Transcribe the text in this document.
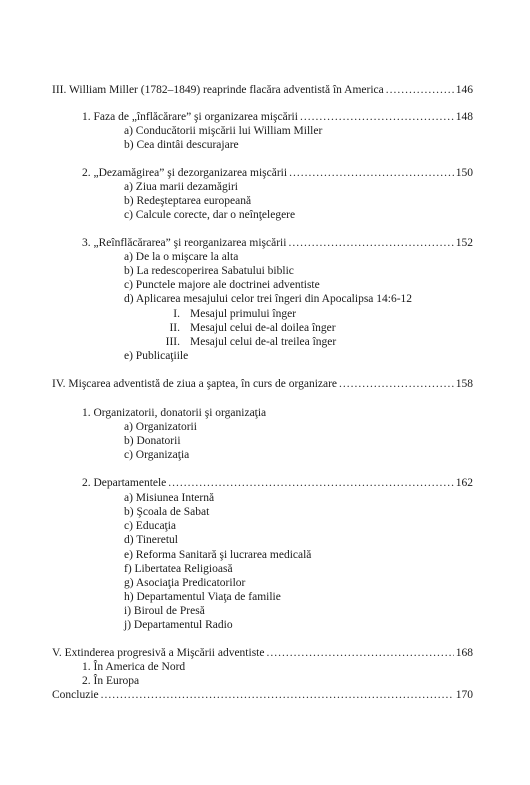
III. William Miller (1782–1849) reaprinde flacăra adventistă în America .....	146
1. Faza de „înflăcărare” şi organizarea mişcării .....	148
a) Conducătorii mişcării lui William Miller
b) Cea dintâi descurajare
2. „Dezamăgirea” şi dezorganizarea mişcării .....	150
a) Ziua marii dezamăgiri
b) Redeşteptarea europeană
c) Calcule corecte, dar o neînţelegere
3. „Reînflăcărarea” şi reorganizarea mişcării .....	152
a) De la o mişcare la alta
b) La redescoperirea Sabatului biblic
c) Punctele majore ale doctrinei adventiste
d) Aplicarea mesajului celor trei îngeri din Apocalipsa 14:6-12
I. Mesajul primului înger
II. Mesajul celui de-al doilea înger
III. Mesajul celui de-al treilea înger
e) Publicaţiile
IV. Mişcarea adventistă de ziua a şaptea, în curs de organizare .....	158
1. Organizatorii, donatorii şi organizaţia
a) Organizatorii
b) Donatorii
c) Organizaţia
2. Departamentele .....	162
a) Misiunea Internă
b) Şcoala de Sabat
c) Educaţia
d) Tineretul
e) Reforma Sanitară şi lucrarea medicală
f) Libertatea Religioasă
g) Asociaţia Predicatorilor
h) Departamentul Viaţa de familie
i) Biroul de Presă
j) Departamentul Radio
V. Extinderea progresivă a Mişcării adventiste .....	168
1. În America de Nord
2. În Europa
Concluzie .....	170
